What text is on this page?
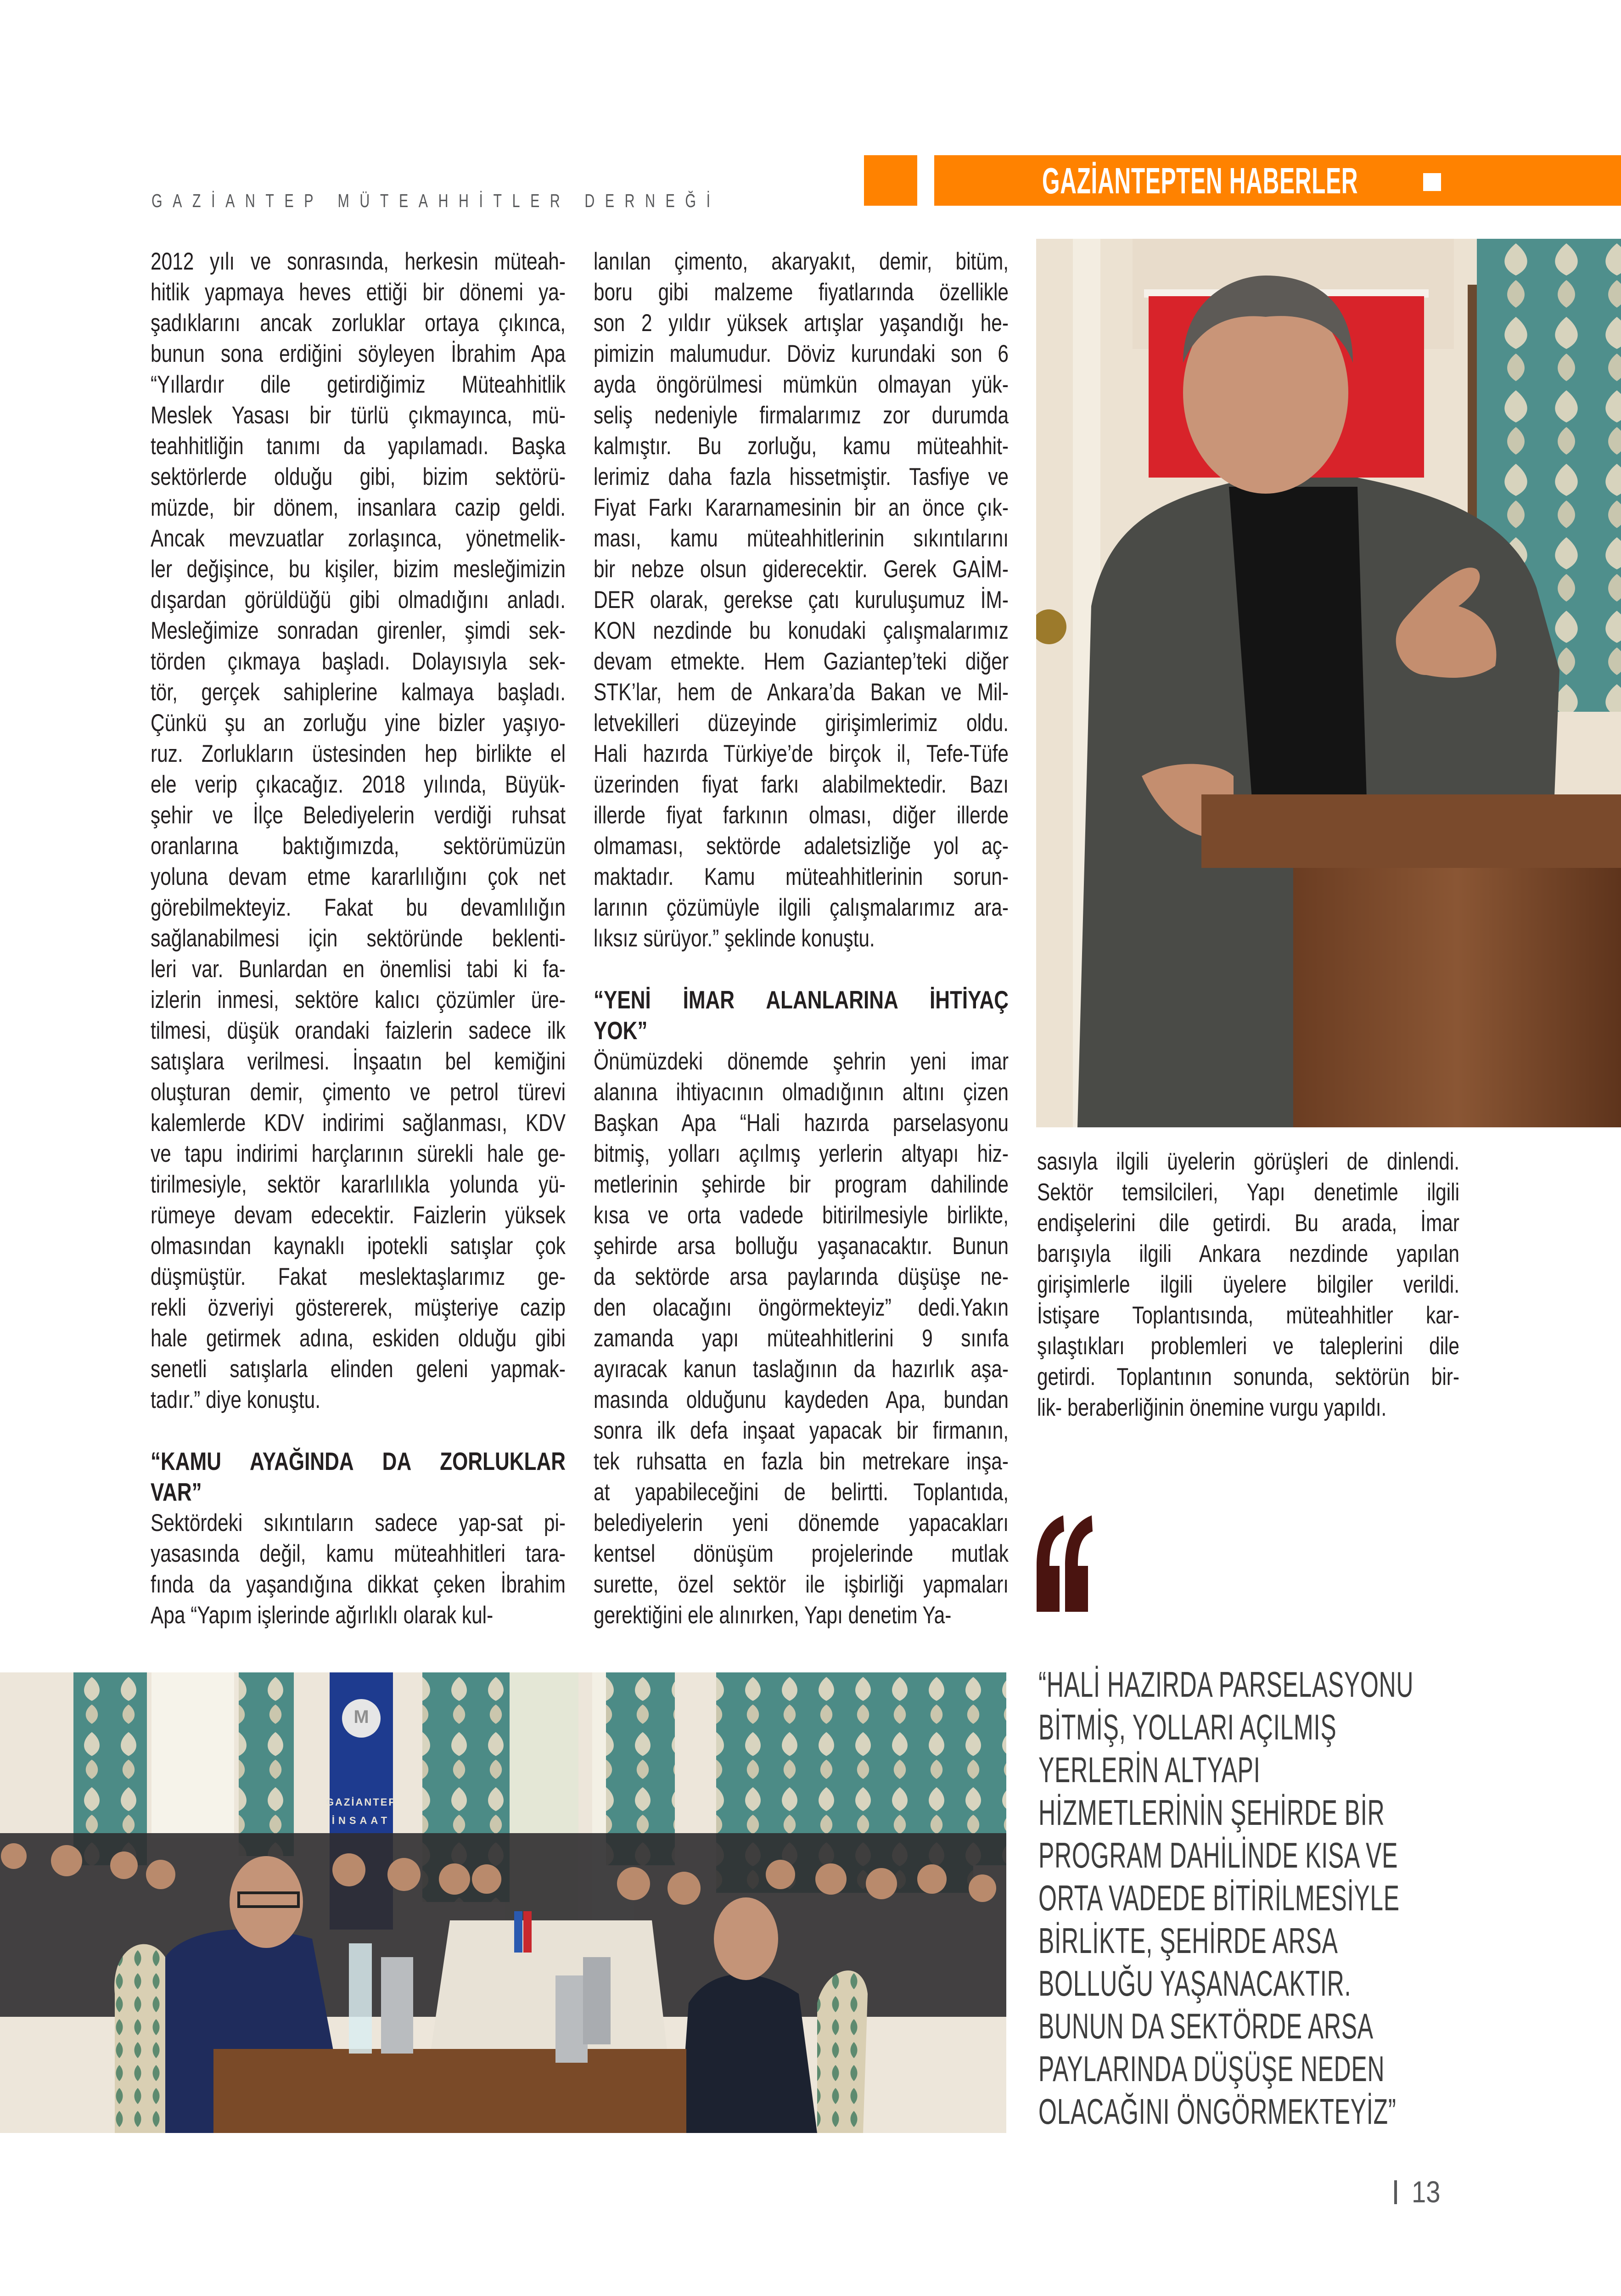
GAZİANTEP MÜTEAHHİTLER DERNEĞİ	GAZİANTEPTEN HABERLER
2012 yılı ve sonrasında, herkesin müteah-
hitlik yapmaya heves ettiği bir dönemi ya-
şadıklarını ancak zorluklar ortaya çıkınca,
bunun sona erdiğini söyleyen İbrahim Apa
“Yıllardır dile getirdiğimiz Müteahhitlik
Meslek Yasası bir türlü çıkmayınca, mü-
teahhitliğin tanımı da yapılamadı. Başka
sektörlerde olduğu gibi, bizim sektörü-
müzde, bir dönem, insanlara cazip geldi.
Ancak mevzuatlar zorlaşınca, yönetmelik-
ler değişince, bu kişiler, bizim mesleğimizin
dışardan görüldüğü gibi olmadığını anladı.
Mesleğimize sonradan girenler, şimdi sek-
törden çıkmaya başladı. Dolayısıyla sek-
tör, gerçek sahiplerine kalmaya başladı.
Çünkü şu an zorluğu yine bizler yaşıyo-
ruz. Zorlukların üstesinden hep birlikte el
ele verip çıkacağız. 2018 yılında, Büyük-
şehir ve İlçe Belediyelerin verdiği ruhsat
oranlarına baktığımızda, sektörümüzün
yoluna devam etme kararlılığını çok net
görebilmekteyiz. Fakat bu devamlılığın
sağlanabilmesi için sektöründe beklenti-
leri var. Bunlardan en önemlisi tabi ki fa-
izlerin inmesi, sektöre kalıcı çözümler üre-
tilmesi, düşük orandaki faizlerin sadece ilk
satışlara verilmesi. İnşaatın bel kemiğini
oluşturan demir, çimento ve petrol türevi
kalemlerde KDV indirimi sağlanması, KDV
ve tapu indirimi harçlarının sürekli hale ge-
tirilmesiyle, sektör kararlılıkla yolunda yü-
rümeye devam edecektir. Faizlerin yüksek
olmasından kaynaklı ipotekli satışlar çok
düşmüştür. Fakat meslektaşlarımız ge-
rekli özveriyi göstererek, müşteriye cazip
hale getirmek adına, eskiden olduğu gibi
senetli satışlarla elinden geleni yapmak-
tadır.” diye konuştu.
“KAMU AYAĞINDA DA ZORLUKLAR
VAR”
Sektördeki sıkıntıların sadece yap-sat pi-
yasasında değil, kamu müteahhitleri tara-
fında da yaşandığına dikkat çeken İbrahim
Apa “Yapım işlerinde ağırlıklı olarak kul-
lanılan çimento, akaryakıt, demir, bitüm,
boru gibi malzeme fiyatlarında özellikle
son 2 yıldır yüksek artışlar yaşandığı he-
pimizin malumudur. Döviz kurundaki son 6
ayda öngörülmesi mümkün olmayan yük-
seliş nedeniyle firmalarımız zor durumda
kalmıştır. Bu zorluğu, kamu müteahhit-
lerimiz daha fazla hissetmiştir. Tasfiye ve
Fiyat Farkı Kararnamesinin bir an önce çık-
ması, kamu müteahhitlerinin sıkıntılarını
bir nebze olsun giderecektir. Gerek GAİM-
DER olarak, gerekse çatı kuruluşumuz İM-
KON nezdinde bu konudaki çalışmalarımız
devam etmekte. Hem Gaziantep’teki diğer
STK’lar, hem de Ankara’da Bakan ve Mil-
letvekilleri düzeyinde girişimlerimiz oldu.
Hali hazırda Türkiye’de birçok il, Tefe-Tüfe
üzerinden fiyat farkı alabilmektedir. Bazı
illerde fiyat farkının olması, diğer illerde
olmaması, sektörde adaletsizliğe yol aç-
maktadır. Kamu müteahhitlerinin sorun-
larının çözümüyle ilgili çalışmalarımız ara-
lıksız sürüyor.” şeklinde konuştu.
“YENİ İMAR ALANLARINA İHTİYAÇ
YOK”
Önümüzdeki dönemde şehrin yeni imar
alanına ihtiyacının olmadığının altını çizen
Başkan Apa “Hali hazırda parselasyonu
bitmiş, yolları açılmış yerlerin altyapı hiz-
metlerinin şehirde bir program dahilinde
kısa ve orta vadede bitirilmesiyle birlikte,
şehirde arsa bolluğu yaşanacaktır. Bunun
da sektörde arsa paylarında düşüşe ne-
den olacağını öngörmekteyiz” dedi.Yakın
zamanda yapı müteahhitlerini 9 sınıfa
ayıracak kanun taslağının da hazırlık aşa-
masında olduğunu kaydeden Apa, bundan
sonra ilk defa inşaat yapacak bir firmanın,
tek ruhsatta en fazla bin metrekare inşa-
at yapabileceğini de belirtti. Toplantıda,
belediyelerin yeni dönemde yapacakları
kentsel dönüşüm projelerinde mutlak
surette, özel sektör ile işbirliği yapmaları
gerektiğini ele alınırken, Yapı denetim Ya-
sasıyla ilgili üyelerin görüşleri de dinlendi.
Sektör temsilcileri, Yapı denetimle ilgili
endişelerini dile getirdi. Bu arada, İmar
barışıyla ilgili Ankara nezdinde yapılan
girişimlerle ilgili üyelere bilgiler verildi.
İstişare Toplantısında, müteahhitler kar-
şılaştıkları problemleri ve taleplerini dile
getirdi. Toplantının sonunda, sektörün bir-
lik- beraberliğinin önemine vurgu yapıldı.
“HALİ HAZIRDA PARSELASYONU
BİTMİŞ, YOLLARI AÇILMIŞ
YERLERİN ALTYAPI
HİZMETLERİNİN ŞEHİRDE BİR
PROGRAM DAHİLİNDE KISA VE
ORTA VADEDE BİTİRİLMESİYLE
BİRLİKTE, ŞEHİRDE ARSA
BOLLUĞU YAŞANACAKTIR.
BUNUN DA SEKTÖRDE ARSA
PAYLARINDA DÜŞÜŞE NEDEN
OLACAĞINI ÖNGÖRMEKTEYİZ”
M
GAZİANTEP
İNSAAT
13
